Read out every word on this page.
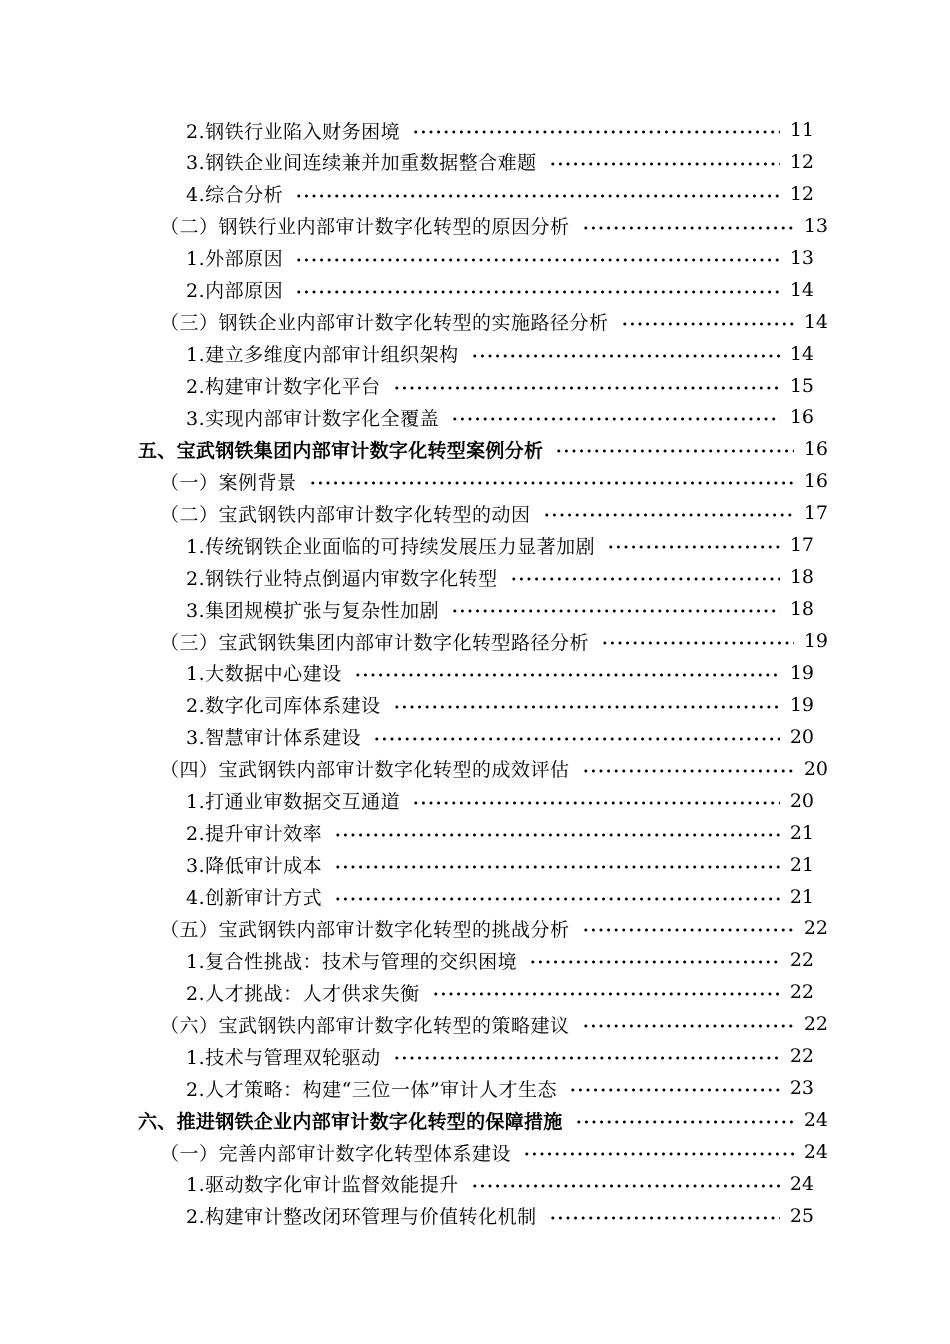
2.钢铁行业陷入财务困境	11
3.钢铁企业间连续兼并加重数据整合难题	12
4.综合分析	12
（二）钢铁行业内部审计数字化转型的原因分析	13
1.外部原因	13
2.内部原因	14
（三）钢铁企业内部审计数字化转型的实施路径分析	14
1.建立多维度内部审计组织架构	14
2.构建审计数字化平台	15
3.实现内部审计数字化全覆盖	16
五、宝武钢铁集团内部审计数字化转型案例分析	16
（一）案例背景	16
（二）宝武钢铁内部审计数字化转型的动因	17
1.传统钢铁企业面临的可持续发展压力显著加剧	17
2.钢铁行业特点倒逼内审数字化转型	18
3.集团规模扩张与复杂性加剧	18
（三）宝武钢铁集团内部审计数字化转型路径分析	19
1.大数据中心建设	19
2.数字化司库体系建设	19
3.智慧审计体系建设	20
（四）宝武钢铁内部审计数字化转型的成效评估	20
1.打通业审数据交互通道	20
2.提升审计效率	21
3.降低审计成本	21
4.创新审计方式	21
（五）宝武钢铁内部审计数字化转型的挑战分析	22
1.复合性挑战：技术与管理的交织困境	22
2.人才挑战：人才供求失衡	22
（六）宝武钢铁内部审计数字化转型的策略建议	22
1.技术与管理双轮驱动	22
2.人才策略：构建“三位一体”审计人才生态	23
六、推进钢铁企业内部审计数字化转型的保障措施	24
（一）完善内部审计数字化转型体系建设	24
1.驱动数字化审计监督效能提升	24
2.构建审计整改闭环管理与价值转化机制	25
